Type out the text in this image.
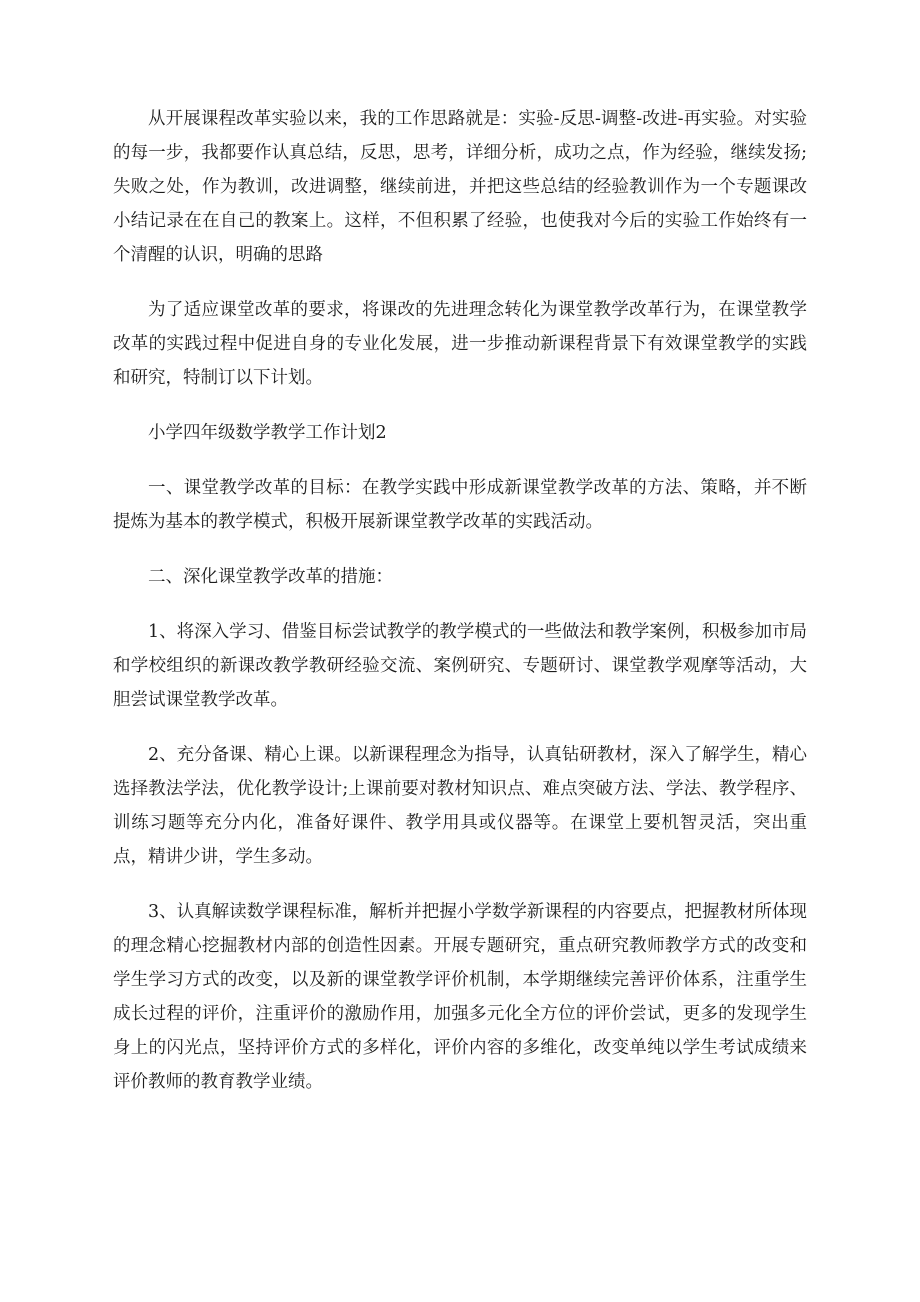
从开展课程改革实验以来，我的工作思路就是：实验-反思-调整-改进-再实验。对实验的每一步，我都要作认真总结，反思，思考，详细分析，成功之点，作为经验，继续发扬;失败之处，作为教训，改进调整，继续前进，并把这些总结的经验教训作为一个专题课改小结记录在在自己的教案上。这样，不但积累了经验，也使我对今后的实验工作始终有一个清醒的认识，明确的思路

为了适应课堂改革的要求，将课改的先进理念转化为课堂教学改革行为，在课堂教学改革的实践过程中促进自身的专业化发展，进一步推动新课程背景下有效课堂教学的实践和研究，特制订以下计划。

小学四年级数学教学工作计划2

一、课堂教学改革的目标：在教学实践中形成新课堂教学改革的方法、策略，并不断提炼为基本的教学模式，积极开展新课堂教学改革的实践活动。

二、深化课堂教学改革的措施：

1、将深入学习、借鉴目标尝试教学的教学模式的一些做法和教学案例，积极参加市局和学校组织的新课改教学教研经验交流、案例研究、专题研讨、课堂教学观摩等活动，大胆尝试课堂教学改革。

2、充分备课、精心上课。以新课程理念为指导，认真钻研教材，深入了解学生，精心选择教法学法，优化教学设计;上课前要对教材知识点、难点突破方法、学法、教学程序、训练习题等充分内化，准备好课件、教学用具或仪器等。在课堂上要机智灵活，突出重点，精讲少讲，学生多动。

3、认真解读数学课程标准，解析并把握小学数学新课程的内容要点，把握教材所体现的理念精心挖掘教材内部的创造性因素。开展专题研究，重点研究教师教学方式的改变和学生学习方式的改变，以及新的课堂教学评价机制，本学期继续完善评价体系，注重学生成长过程的评价，注重评价的激励作用，加强多元化全方位的评价尝试，更多的发现学生身上的闪光点，坚持评价方式的多样化，评价内容的多维化，改变单纯以学生考试成绩来评价教师的教育教学业绩。
